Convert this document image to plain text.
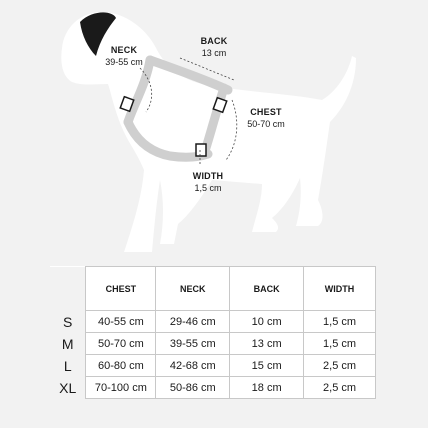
NECK
39-55 cm
BACK
13 cm
CHEST
50-70 cm
WIDTH
1,5 cm
	CHEST	NECK	BACK	WIDTH
S	40-55 cm	29-46 cm	10 cm	1,5 cm
M	50-70 cm	39-55 cm	13 cm	1,5 cm
L	60-80 cm	42-68 cm	15 cm	2,5 cm
XL	70-100 cm	50-86 cm	18 cm	2,5 cm
